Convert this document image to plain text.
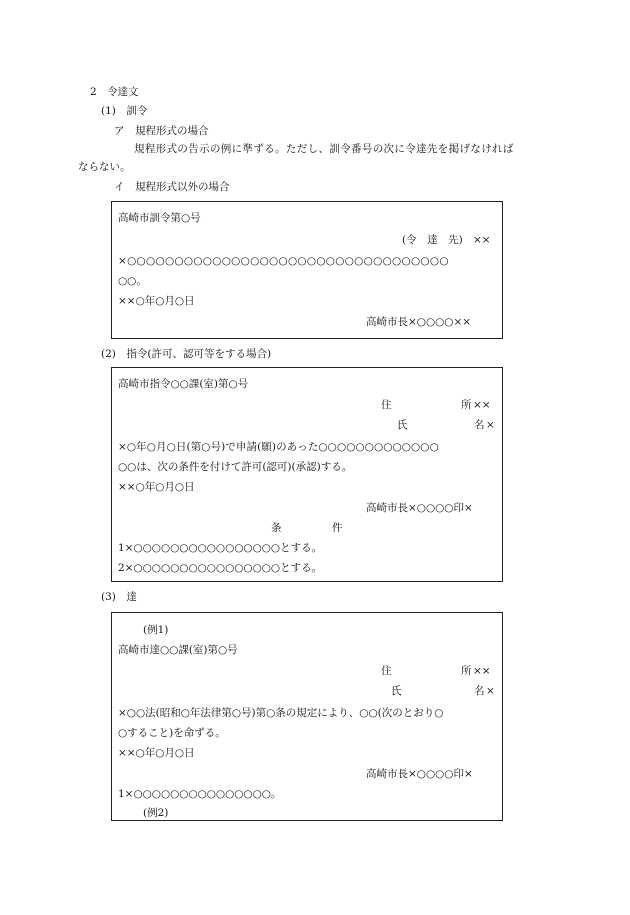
2　令達文
(1)　訓令
ア　規程形式の場合
規程形式の告示の例に準ずる。ただし、訓令番号の次に令達先を掲げなければ
ならない。
イ　規程形式以外の場合
高崎市訓令第○号
(令　達　先) ××
×○○○○○○○○○○○○○○○○○○○○○○○○○○○○○○○○○○
○○。
××○年○月○日
高崎市長×○○○○××
(2)　指令(許可、認可等をする場合)
高崎市指令○○課(室)第○号
住	所 ××
氏	名 ×
×○年○月○日(第○号)で申請(願)のあった○○○○○○○○○○○○○
○○は、次の条件を付けて許可(認可)(承認)する。
××○年○月○日
高崎市長×○○○○印×
条	件
1×○○○○○○○○○○○○○○○○とする。
2×○○○○○○○○○○○○○○○○とする。
(3)　達
(例1)
高崎市達○○課(室)第○号
住	所 ××
氏	名 ×
×○○法(昭和○年法律第○号)第○条の規定により、○○(次のとおり○
○すること)を命ずる。
××○年○月○日
高崎市長×○○○○印×
1×○○○○○○○○○○○○○○○。
(例2)
